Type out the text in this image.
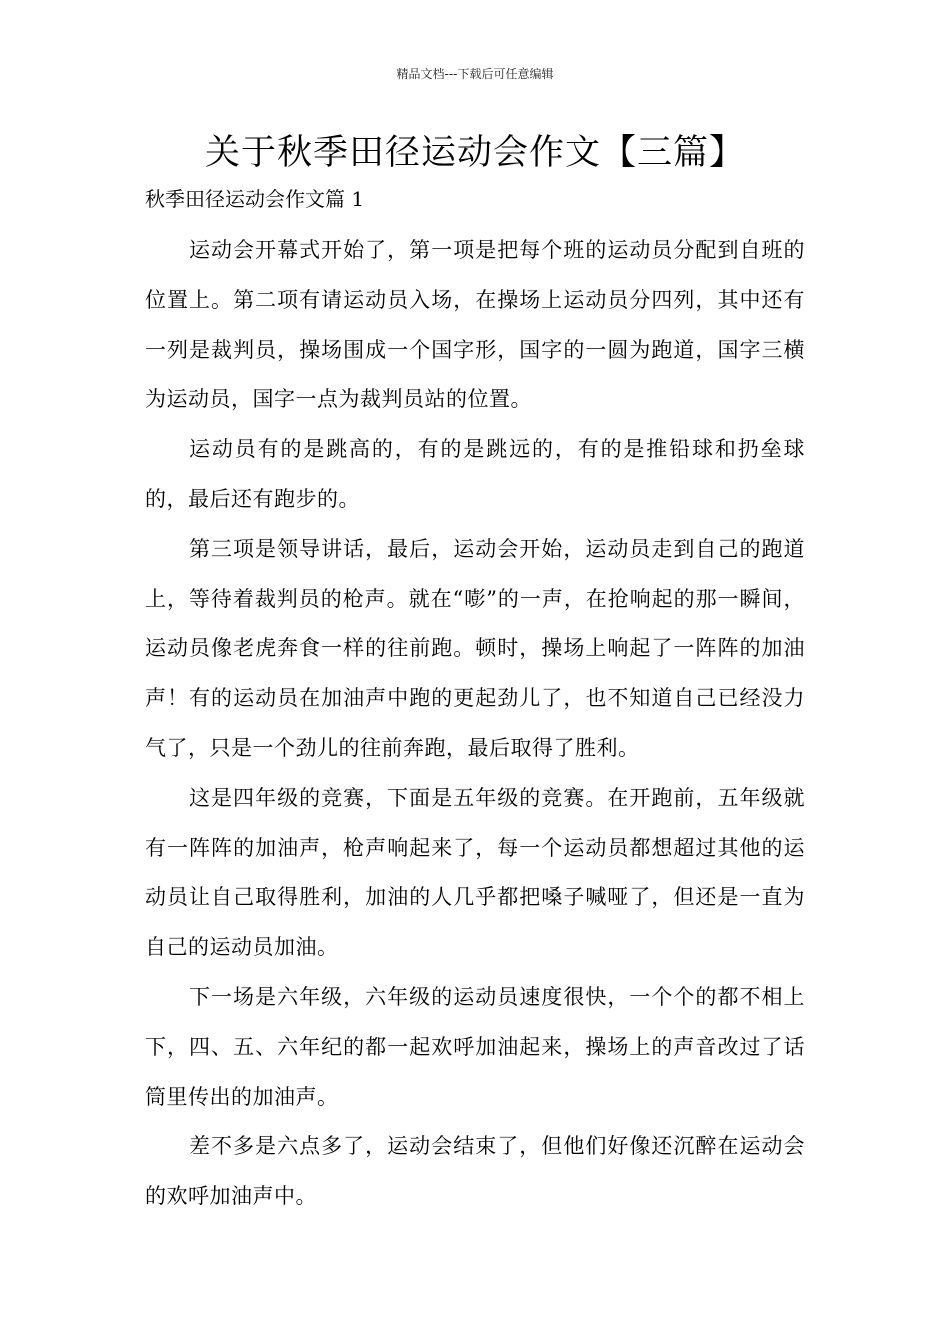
精品文档---下载后可任意编辑
关于秋季田径运动会作文【三篇】
秋季田径运动会作文篇 1

运动会开幕式开始了，第一项是把每个班的运动员分配到自班的位置上。第二项有请运动员入场，在操场上运动员分四列，其中还有一列是裁判员，操场围成一个国字形，国字的一圆为跑道，国字三横为运动员，国字一点为裁判员站的位置。

运动员有的是跳高的，有的是跳远的，有的是推铅球和扔垒球的，最后还有跑步的。

第三项是领导讲话，最后，运动会开始，运动员走到自己的跑道上，等待着裁判员的枪声。就在“嘭”的一声，在抢响起的那一瞬间，运动员像老虎奔食一样的往前跑。顿时，操场上响起了一阵阵的加油声！有的运动员在加油声中跑的更起劲儿了，也不知道自己已经没力气了，只是一个劲儿的往前奔跑，最后取得了胜利。

这是四年级的竞赛，下面是五年级的竞赛。在开跑前，五年级就有一阵阵的加油声，枪声响起来了，每一个运动员都想超过其他的运动员让自己取得胜利，加油的人几乎都把嗓子喊哑了，但还是一直为自己的运动员加油。

下一场是六年级，六年级的运动员速度很快，一个个的都不相上下，四、五、六年纪的都一起欢呼加油起来，操场上的声音改过了话筒里传出的加油声。

差不多是六点多了，运动会结束了，但他们好像还沉醉在运动会的欢呼加油声中。
